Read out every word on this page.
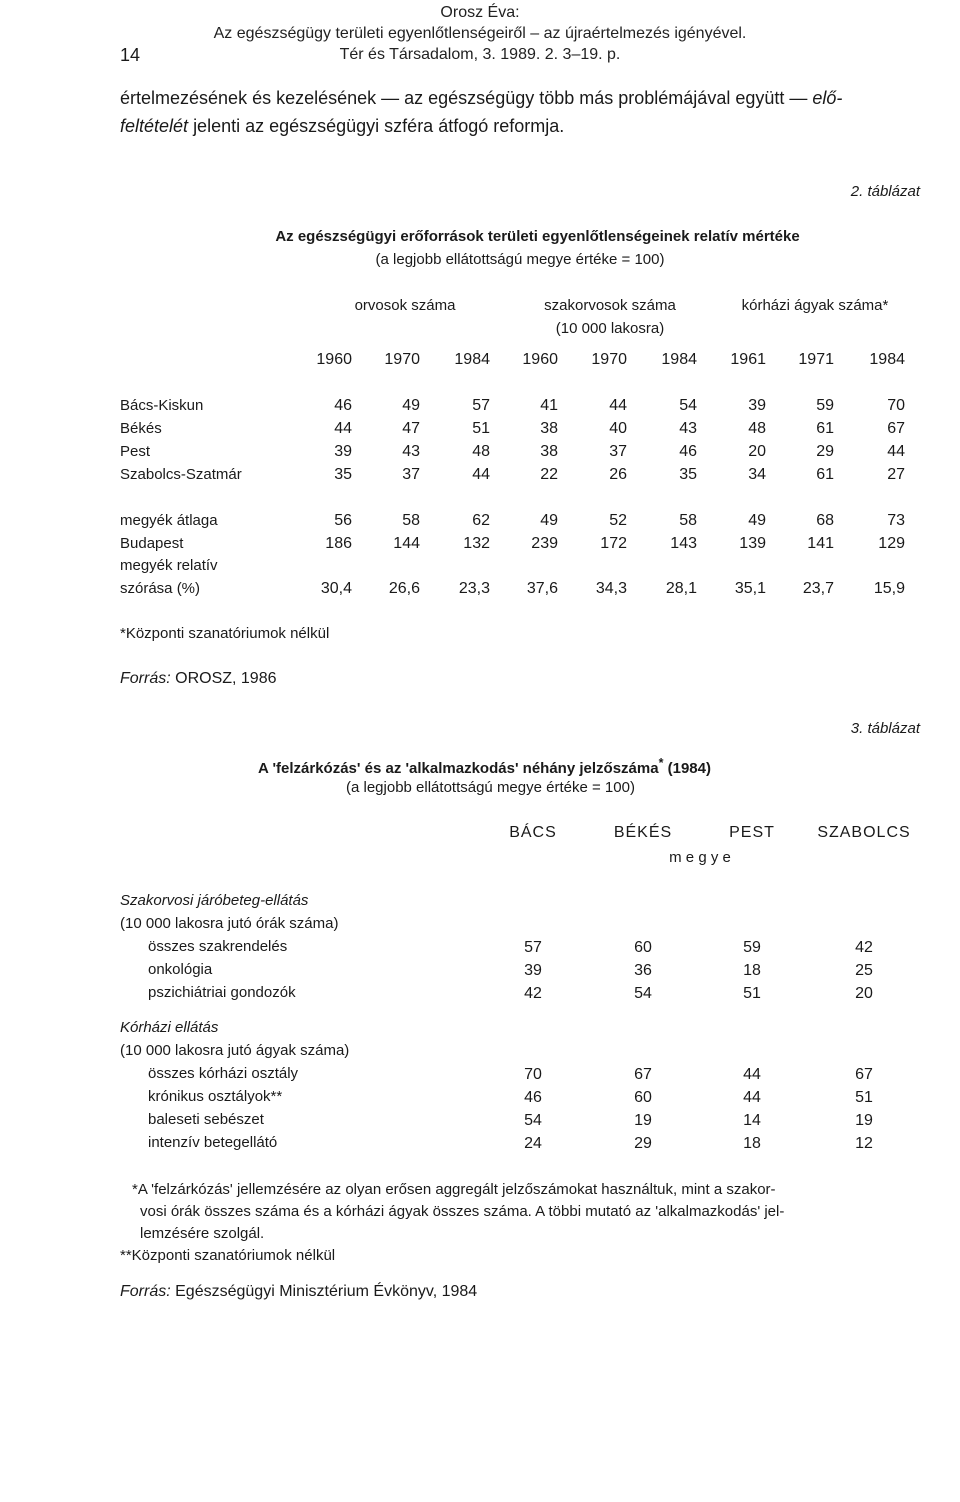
Orosz Éva:
Az egészségügy területi egyenlőtlenségeiről – az újraértelmezés igényével.
14	Tér és Társadalom, 3. 1989. 2. 3–19. p.
értelmezésének és kezelésének — az egészségügy több más problémájával együtt — elő-
feltételét jelenti az egészségügyi szféra átfogó reformja.
2. táblázat
Az egészségügyi erőforrások területi egyenlőtlenségeinek relatív mértéke
(a legjobb ellátottságú megye értéke = 100)
orvosok száma	szakorvosok száma	kórházi ágyak száma*
(10 000 lakosra)
1960	1970	1984	1960	1970	1984	1961	1971	1984
Bács-Kiskun	46	49	57	41	44	54	39	59	70
Békés	44	47	51	38	40	43	48	61	67
Pest	39	43	48	38	37	46	20	29	44
Szabolcs-Szatmár	35	37	44	22	26	35	34	61	27
megyék átlaga	56	58	62	49	52	58	49	68	73
Budapest	186	144	132	239	172	143	139	141	129
megyék relatív
szórása (%)	30,4	26,6	23,3	37,6	34,3	28,1	35,1	23,7	15,9
*Központi szanatóriumok nélkül
Forrás: OROSZ, 1986
3. táblázat
A 'felzárkózás' és az 'alkalmazkodás' néhány jelzőszáma* (1984)
(a legjobb ellátottságú megye értéke = 100)
BÁCS	BÉKÉS	PEST	SZABOLCS
m e g y e
Szakorvosi járóbeteg-ellátás
(10 000 lakosra jutó órák száma)
összes szakrendelés	57	60	59	42
onkológia	39	36	18	25
pszichiátriai gondozók	42	54	51	20
Kórházi ellátás
(10 000 lakosra jutó ágyak száma)
összes kórházi osztály	70	67	44	67
krónikus osztályok**	46	60	44	51
baleseti sebészet	54	19	14	19
intenzív betegellátó	24	29	18	12
*A 'felzárkózás' jellemzésére az olyan erősen aggregált jelzőszámokat használtuk, mint a szakor-
vosi órák összes száma és a kórházi ágyak összes száma. A többi mutató az 'alkalmazkodás' jel-
lemzésére szolgál.
**Központi szanatóriumok nélkül
Forrás: Egészségügyi Minisztérium Évkönyv, 1984
